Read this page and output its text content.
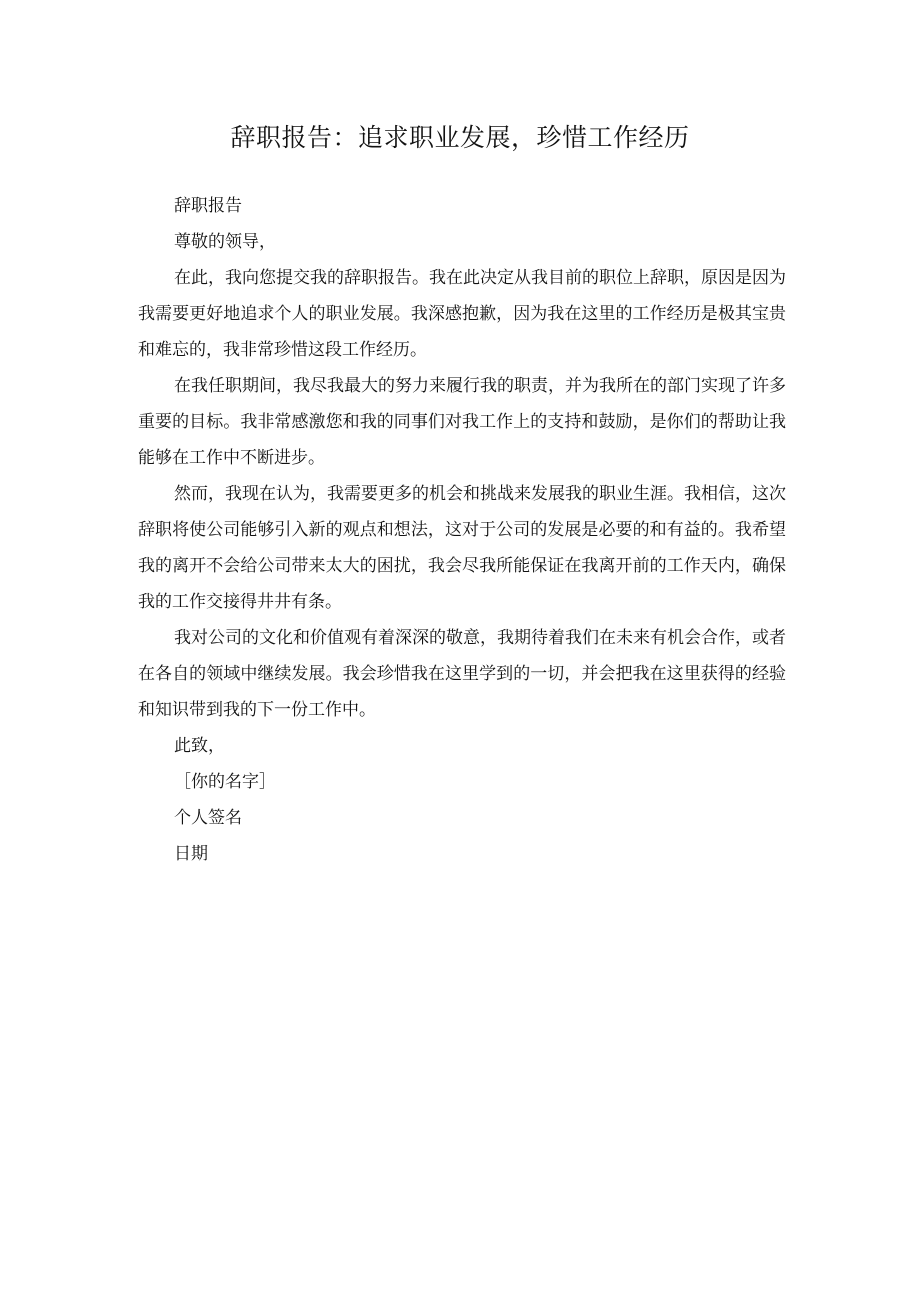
辞职报告：追求职业发展，珍惜工作经历

辞职报告

尊敬的领导，

在此，我向您提交我的辞职报告。我在此决定从我目前的职位上辞职，原因是因为我需要更好地追求个人的职业发展。我深感抱歉，因为我在这里的工作经历是极其宝贵和难忘的，我非常珍惜这段工作经历。

在我任职期间，我尽我最大的努力来履行我的职责，并为我所在的部门实现了许多重要的目标。我非常感激您和我的同事们对我工作上的支持和鼓励，是你们的帮助让我能够在工作中不断进步。

然而，我现在认为，我需要更多的机会和挑战来发展我的职业生涯。我相信，这次辞职将使公司能够引入新的观点和想法，这对于公司的发展是必要的和有益的。我希望我的离开不会给公司带来太大的困扰，我会尽我所能保证在我离开前的工作天内，确保我的工作交接得井井有条。

我对公司的文化和价值观有着深深的敬意，我期待着我们在未来有机会合作，或者在各自的领域中继续发展。我会珍惜我在这里学到的一切，并会把我在这里获得的经验和知识带到我的下一份工作中。

此致，

［你的名字］

个人签名

日期
